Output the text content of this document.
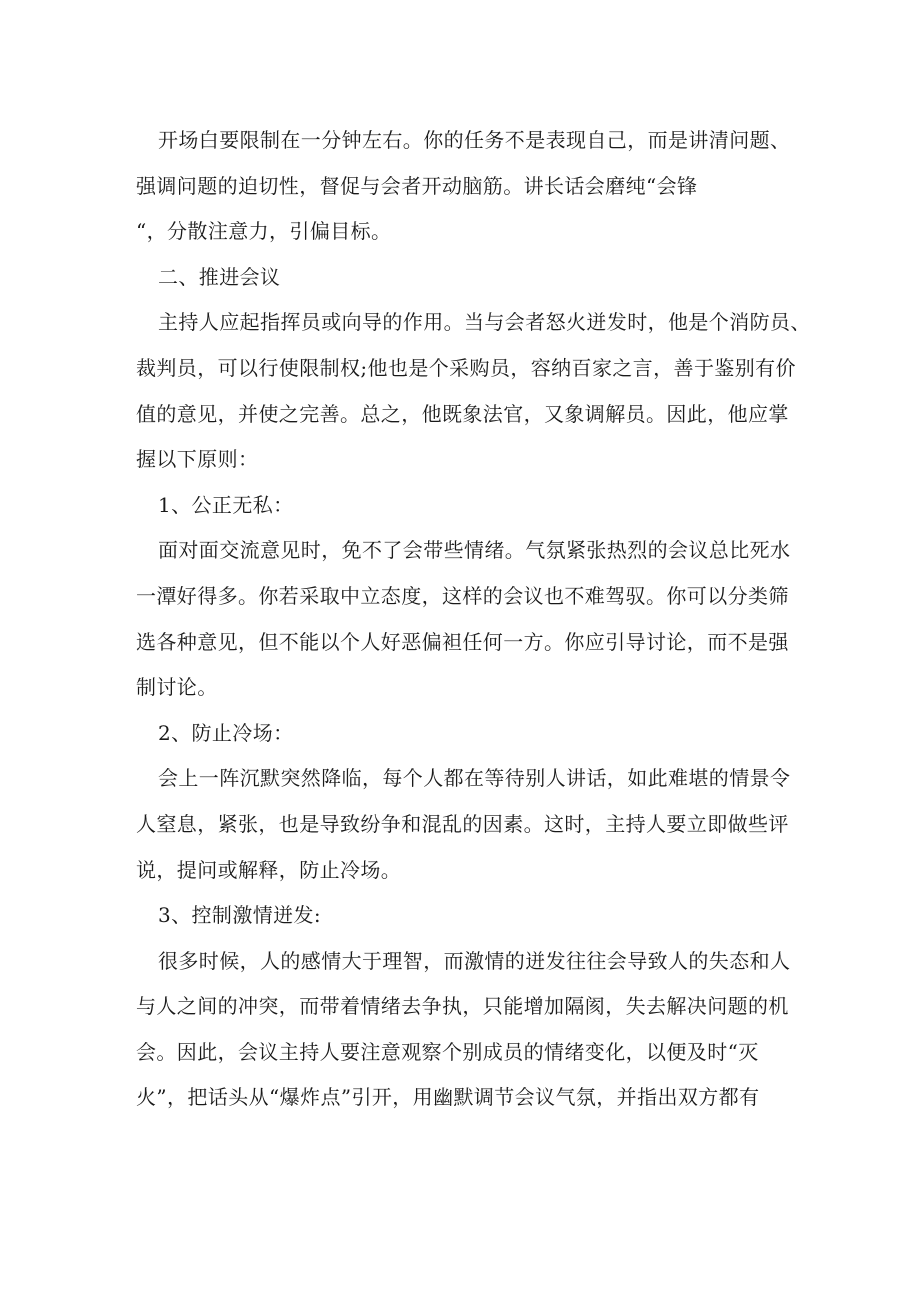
开场白要限制在一分钟左右。你的任务不是表现自己，而是讲清问题、
强调问题的迫切性，督促与会者开动脑筋。讲长话会磨纯“会锋
“，分散注意力，引偏目标。
二、推进会议
主持人应起指挥员或向导的作用。当与会者怒火迸发时，他是个消防员、
裁判员，可以行使限制权;他也是个采购员，容纳百家之言，善于鉴别有价
值的意见，并使之完善。总之，他既象法官，又象调解员。因此，他应掌
握以下原则：
1、公正无私：
面对面交流意见时，免不了会带些情绪。气氛紧张热烈的会议总比死水
一潭好得多。你若采取中立态度，这样的会议也不难驾驭。你可以分类筛
选各种意见，但不能以个人好恶偏袒任何一方。你应引导讨论，而不是强
制讨论。
2、防止冷场：
会上一阵沉默突然降临，每个人都在等待别人讲话，如此难堪的情景令
人窒息，紧张，也是导致纷争和混乱的因素。这时，主持人要立即做些评
说，提问或解释，防止冷场。
3、控制激情迸发:
很多时候，人的感情大于理智，而激情的迸发往往会导致人的失态和人
与人之间的冲突，而带着情绪去争执，只能增加隔阂，失去解决问题的机
会。因此，会议主持人要注意观察个别成员的情绪变化，以便及时“灭
火”，把话头从“爆炸点”引开，用幽默调节会议气氛，并指出双方都有
